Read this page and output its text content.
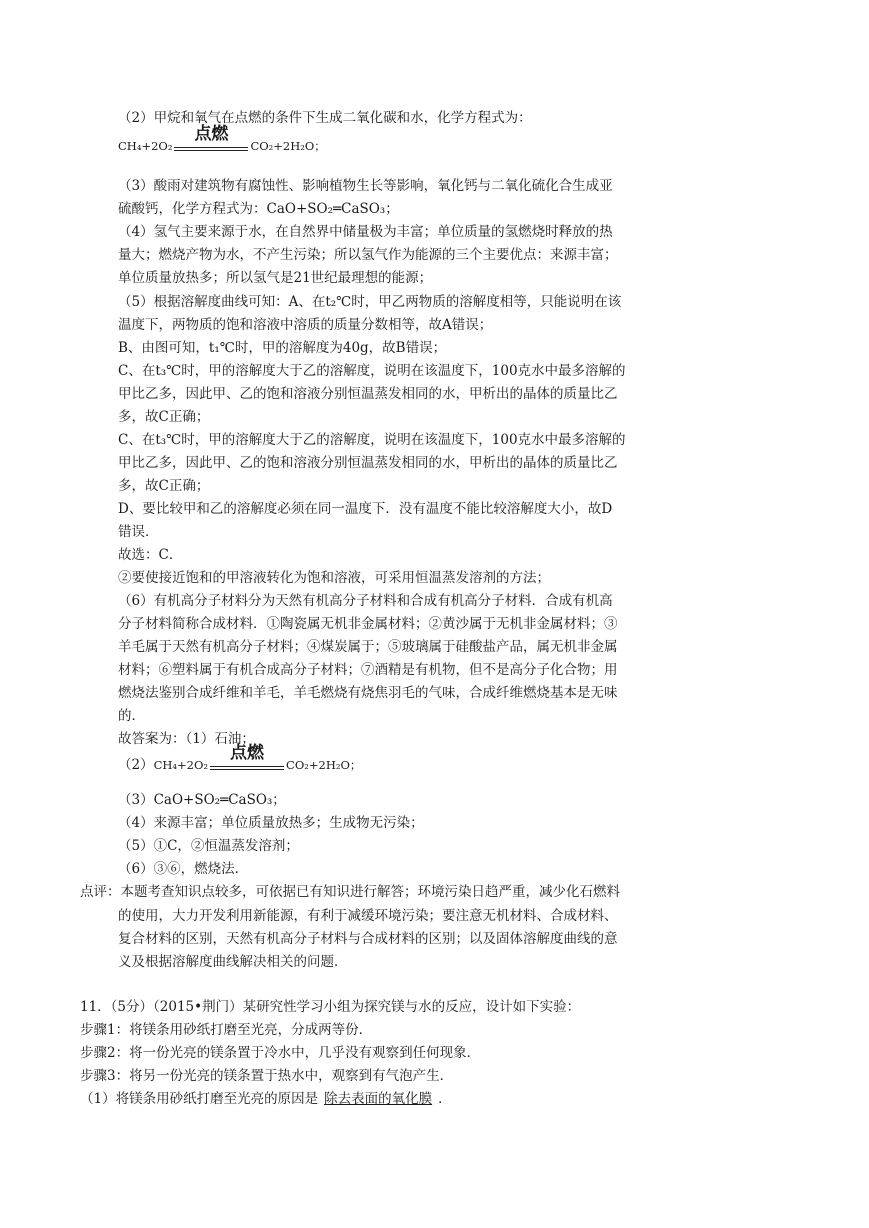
（2）甲烷和氧气在点燃的条件下生成二氧化碳和水，化学方程式为：
CH₄+2O₂
点燃
CO₂+2H₂O；
（3）酸雨对建筑物有腐蚀性、影响植物生长等影响，氧化钙与二氧化硫化合生成亚
硫酸钙，化学方程式为：CaO+SO₂═CaSO₃；
（4）氢气主要来源于水，在自然界中储量极为丰富；单位质量的氢燃烧时释放的热
量大；燃烧产物为水，不产生污染；所以氢气作为能源的三个主要优点：来源丰富；
单位质量放热多；所以氢气是21世纪最理想的能源；
（5）根据溶解度曲线可知：A、在t₂℃时，甲乙两物质的溶解度相等，只能说明在该
温度下，两物质的饱和溶液中溶质的质量分数相等，故A错误；
B、由图可知，t₁℃时，甲的溶解度为40g，故B错误；
C、在t₃℃时，甲的溶解度大于乙的溶解度，说明在该温度下，100克水中最多溶解的
甲比乙多，因此甲、乙的饱和溶液分别恒温蒸发相同的水，甲析出的晶体的质量比乙
多，故C正确；
C、在t₃℃时，甲的溶解度大于乙的溶解度，说明在该温度下，100克水中最多溶解的
甲比乙多，因此甲、乙的饱和溶液分别恒温蒸发相同的水，甲析出的晶体的质量比乙
多，故C正确；
D、要比较甲和乙的溶解度必须在同一温度下．没有温度不能比较溶解度大小，故D
错误．
故选：C．
②要使接近饱和的甲溶液转化为饱和溶液，可采用恒温蒸发溶剂的方法；
（6）有机高分子材料分为天然有机高分子材料和合成有机高分子材料．合成有机高
分子材料简称合成材料．①陶瓷属无机非金属材料；②黄沙属于无机非金属材料；③
羊毛属于天然有机高分子材料；④煤炭属于；⑤玻璃属于硅酸盐产品，属无机非金属
材料；⑥塑料属于有机合成高分子材料；⑦酒精是有机物，但不是高分子化合物；用
燃烧法鉴别合成纤维和羊毛，羊毛燃烧有烧焦羽毛的气味，合成纤维燃烧基本是无味
的．
故答案为：（1）石油；
（2） CH₄+2O₂
点燃
CO₂+2H₂O；
（3）CaO+SO₂═CaSO₃；
（4）来源丰富；单位质量放热多；生成物无污染；
（5）①C，②恒温蒸发溶剂；
（6）③⑥，燃烧法．
点评：本题考查知识点较多，可依据已有知识进行解答；环境污染日趋严重，减少化石燃料
的使用，大力开发利用新能源，有利于减缓环境污染；要注意无机材料、合成材料、
复合材料的区别，天然有机高分子材料与合成材料的区别；以及固体溶解度曲线的意
义及根据溶解度曲线解决相关的问题．
11．（5分）（2015•荆门）某研究性学习小组为探究镁与水的反应，设计如下实验：
步骤1：将镁条用砂纸打磨至光亮，分成两等份．
步骤2：将一份光亮的镁条置于冷水中，几乎没有观察到任何现象．
步骤3：将另一份光亮的镁条置于热水中，观察到有气泡产生．
（1）将镁条用砂纸打磨至光亮的原因是 除去表面的氧化膜 ．
